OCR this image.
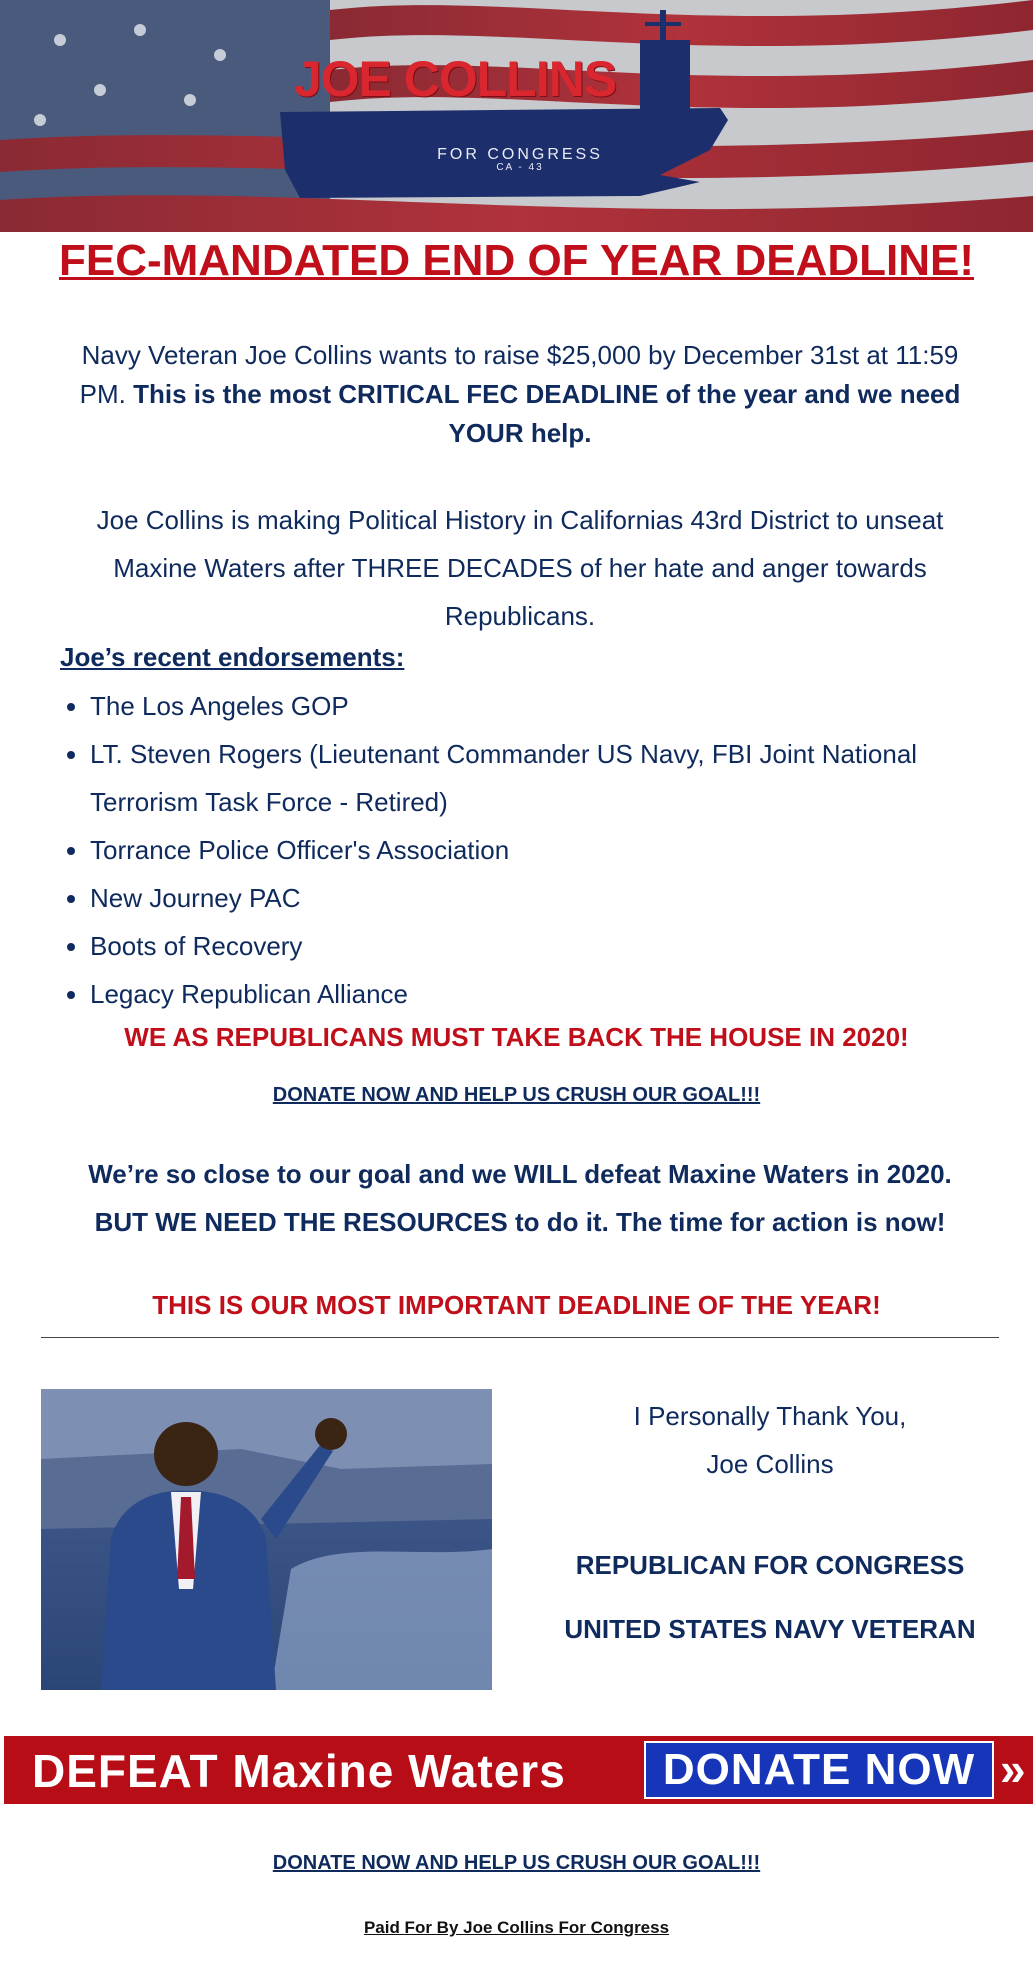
JOE COLLINS
FOR CONGRESS
CA - 43
FEC-MANDATED END OF YEAR DEADLINE!
Navy Veteran Joe Collins wants to raise $25,000 by December 31st at 11:59 PM. This is the most CRITICAL FEC DEADLINE of the year and we need YOUR help.
Joe Collins is making Political History in Californias 43rd District to unseat Maxine Waters after THREE DECADES of her hate and anger towards Republicans.
Joe’s recent endorsements:
• The Los Angeles GOP
• LT. Steven Rogers (Lieutenant Commander US Navy, FBI Joint National Terrorism Task Force - Retired)
• Torrance Police Officer's Association
• New Journey PAC
• Boots of Recovery
• Legacy Republican Alliance
WE AS REPUBLICANS MUST TAKE BACK THE HOUSE IN 2020!
DONATE NOW AND HELP US CRUSH OUR GOAL!!!
We’re so close to our goal and we WILL defeat Maxine Waters in 2020.
BUT WE NEED THE RESOURCES to do it. The time for action is now!
THIS IS OUR MOST IMPORTANT DEADLINE OF THE YEAR!
I Personally Thank You,
Joe Collins
REPUBLICAN FOR CONGRESS
UNITED STATES NAVY VETERAN
DEFEAT Maxine Waters	DONATE NOW »
DONATE NOW AND HELP US CRUSH OUR GOAL!!!
Paid For By Joe Collins For Congress
